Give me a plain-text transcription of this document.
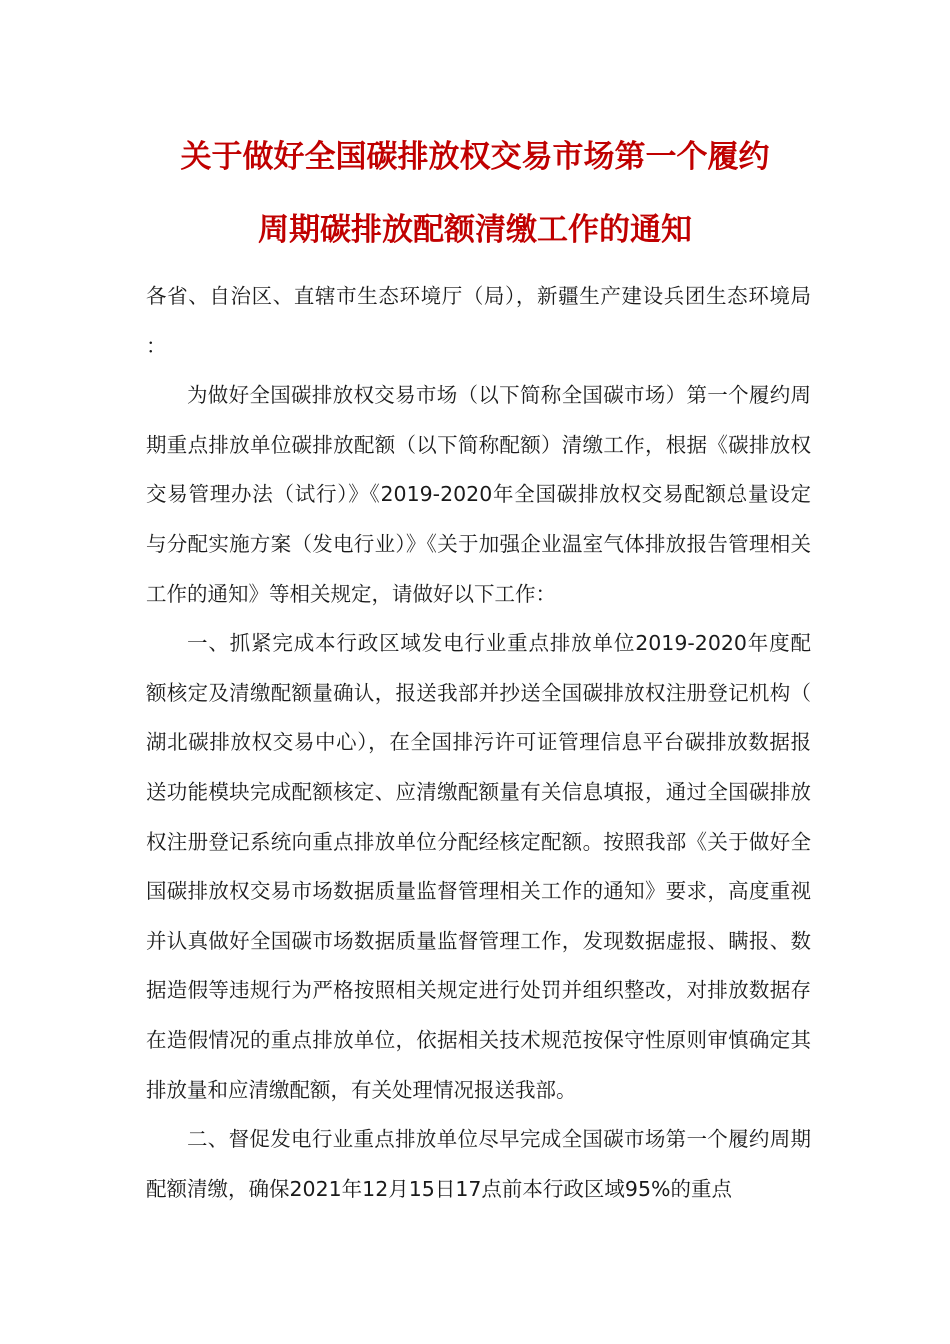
关于做好全国碳排放权交易市场第一个履约
周期碳排放配额清缴工作的通知

各省、自治区、直辖市生态环境厅（局），新疆生产建设兵团生态环境局：

为做好全国碳排放权交易市场（以下简称全国碳市场）第一个履约周期重点排放单位碳排放配额（以下简称配额）清缴工作，根据《碳排放权交易管理办法（试行）》《2019-2020年全国碳排放权交易配额总量设定与分配实施方案（发电行业）》《关于加强企业温室气体排放报告管理相关工作的通知》等相关规定，请做好以下工作：

一、抓紧完成本行政区域发电行业重点排放单位2019-2020年度配额核定及清缴配额量确认，报送我部并抄送全国碳排放权注册登记机构（湖北碳排放权交易中心），在全国排污许可证管理信息平台碳排放数据报送功能模块完成配额核定、应清缴配额量有关信息填报，通过全国碳排放权注册登记系统向重点排放单位分配经核定配额。按照我部《关于做好全国碳排放权交易市场数据质量监督管理相关工作的通知》要求，高度重视并认真做好全国碳市场数据质量监督管理工作，发现数据虚报、瞒报、数据造假等违规行为严格按照相关规定进行处罚并组织整改，对排放数据存在造假情况的重点排放单位，依据相关技术规范按保守性原则审慎确定其排放量和应清缴配额，有关处理情况报送我部。

二、督促发电行业重点排放单位尽早完成全国碳市场第一个履约周期配额清缴，确保2021年12月15日17点前本行政区域95%的重点
